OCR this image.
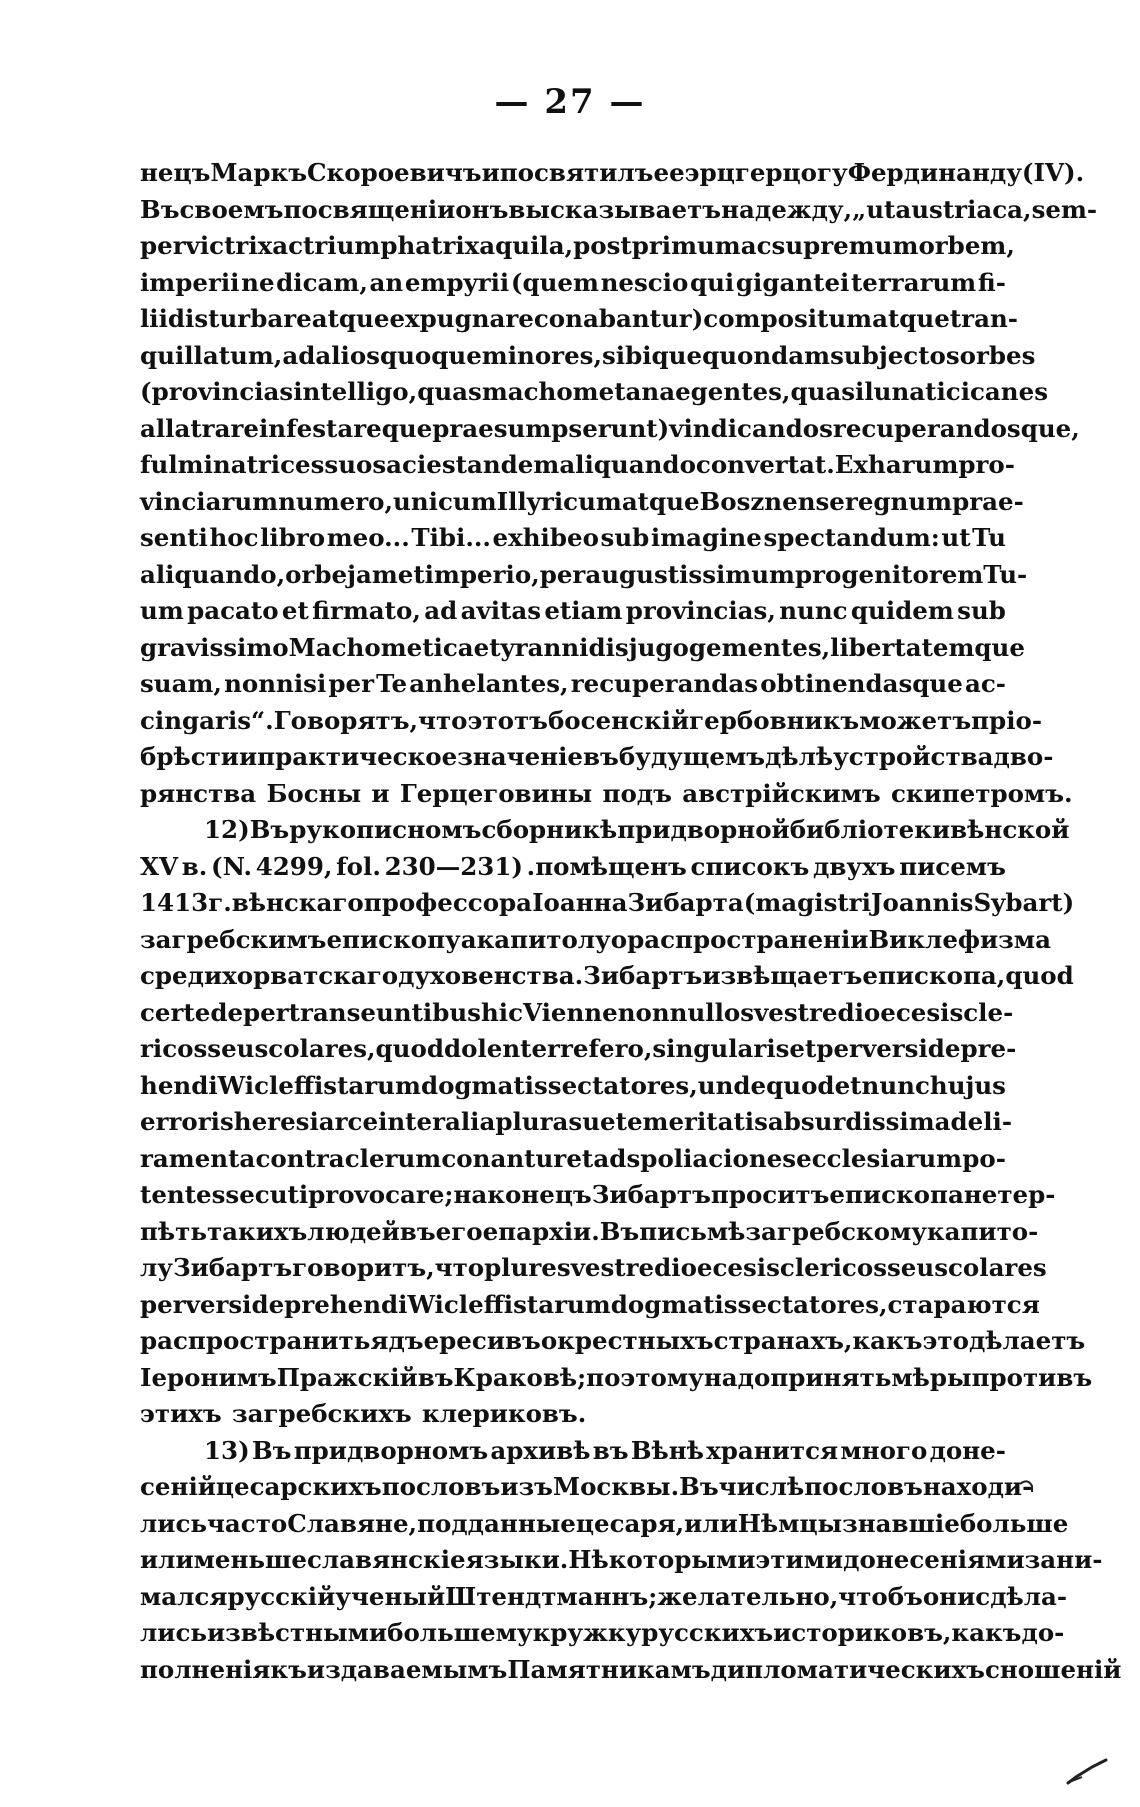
— 27 —
нецъ Маркъ Скороевичъ и посвятилъ ее эрцгерцогу Фердинанду (IV).
Въ своемъ посвященіи онъ высказываетъ надежду, „ut austriaca, sem-
per victrix ac triumphatrix aquila, post primum ac supremum orbem,
imperii ne dicam, an empyrii (quem nescio qui gigantei terrarum fi-
lii disturbare atque expugnare conabantur) compositum atque tran-
quillatum, ad alios quoque minores, sibique quondam subjectos orbes
(provincias intelligo, quas machometanae gentes, quasi lunatici canes
allatrare infestareque praesumpserunt) vindicandos recuperandosque,
fulminatrices suos acies tandem aliquando convertat. Ex harum pro-
vinciarum numero, unicum Illyricum atque Bosznense regnum prae-
senti hoc libro meo... Tibi... exhibeo sub imagine spectandum: ut Tu
aliquando, orbe jam et imperio, per augustissimum progenitorem Tu-
um pacato et firmato, ad avitas etiam provincias, nunc quidem sub
gravissimo Machometicae tyrannidis jugo gementes, libertatemque
suam, nonnisi per Te anhelantes, recuperandas obtinendasque ac-
cingaris“. Говорятъ, что этотъ босенскій гербовникъ можетъ пріо-
брѣсти и практическое значеніе въ будущемъ дѣлѣ устройства дво-
рянства Босны и Герцеговины подъ австрійскимъ скипетромъ.
12) Въ рукописномъ сборникѣ придворной библіотеки вѣнской
XV в. (N. 4299, fol. 230—231) .помѣщенъ списокъ двухъ писемъ
1413 г. вѣнскаго профессора Іоанна Зибарта (magistri Joannis Sybart)
загребскимъ епископу а капитолу о распространеніи Виклефизма
среди хорватскаго духовенства. Зибартъ извѣщаетъ епископа, quod
certe de pertranseuntibus hic Vienne nonnullos vestre dioecesis cle-
ricos seu scolares, quod dolenter refero, singularis et perversi depre-
hendi Wicleffistarum dogmatis sectatores, unde quod et nunc hujus
erroris heresiarce inter alia plura sue temeritatis absurdissima deli-
ramenta contra clerum conantur et ad spoliaciones ecclesiarum po-
tentes secuti provocare; наконецъ Зибартъ проситъ епископа не тер-
пѣть такихъ людей въ его епархіи. Въ письмѣ загребскому капито-
лу Зибартъ говоритъ, что plures vestre dioecesis clericos seu scolares
perversi deprehendi Wicleffistarum dogmatis sectatores, стараются
распространить ядъ ереси въ окрестныхъ странахъ, какъ это дѣлаетъ
Іеронимъ Пражскій въ Краковѣ; поэтому надо принять мѣры противъ
этихъ загребскихъ клериковъ.
13) Въ придворномъ архивѣ въ Вѣнѣ хранится много доне-
сеній цесарскихъ пословъ изъ Москвы. Въ числѣ пословъ находи-
лись часто Славяне, подданные цесаря, или Нѣмцы знавшіе больше
или меньше славянскіе языки. Нѣкоторыми этими донесеніями зани-
мался русскій ученый Штендтманнъ; желательно, чтобъ они сдѣла-
лись извѣстными большему кружку русскихъ историковъ, какъ до-
полненія къ издаваемымъ Памятникамъ дипломатическихъ сношеній
